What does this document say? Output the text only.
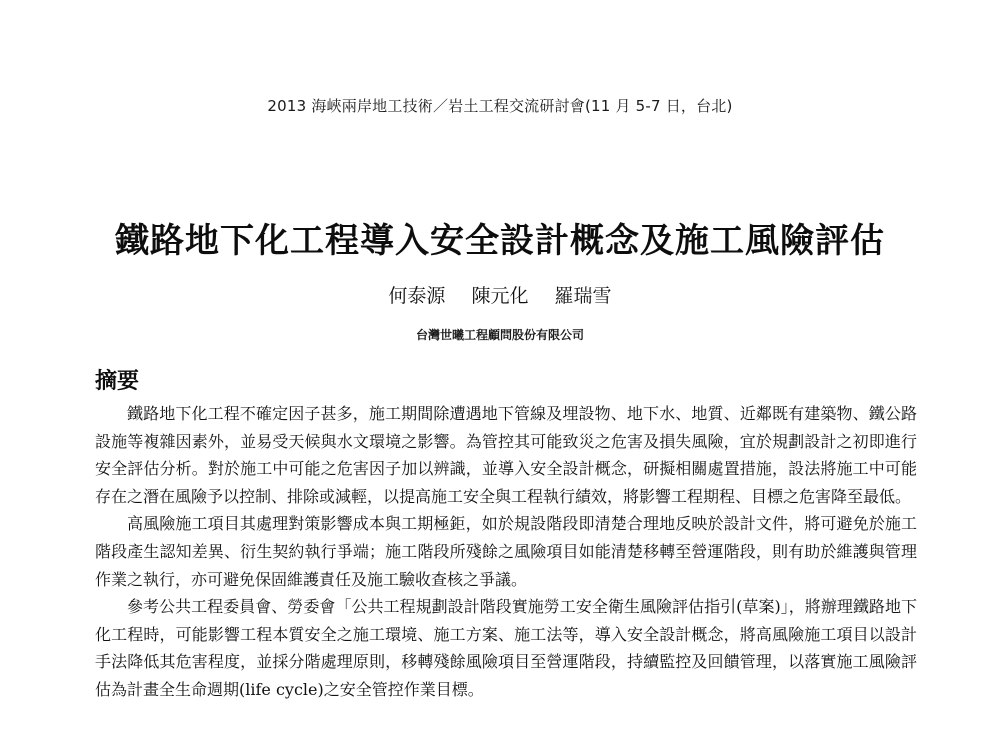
2013 海峽兩岸地工技術／岩土工程交流研討會(11 月 5-7 日，台北)
鐵路地下化工程導入安全設計概念及施工風險評估
何泰源 陳元化 羅瑞雪
台灣世曦工程顧問股份有限公司
摘要

鐵路地下化工程不確定因子甚多，施工期間除遭遇地下管線及埋設物、地下水、地質、近鄰既有建築物、鐵公路設施等複雜因素外，並易受天候與水文環境之影響。為管控其可能致災之危害及損失風險，宜於規劃設計之初即進行安全評估分析。對於施工中可能之危害因子加以辨識，並導入安全設計概念，研擬相關處置措施，設法將施工中可能存在之潛在風險予以控制、排除或減輕，以提高施工安全與工程執行績效，將影響工程期程、目標之危害降至最低。

高風險施工項目其處理對策影響成本與工期極鉅，如於規設階段即清楚合理地反映於設計文件，將可避免於施工階段產生認知差異、衍生契約執行爭端；施工階段所殘餘之風險項目如能清楚移轉至營運階段，則有助於維護與管理作業之執行，亦可避免保固維護責任及施工驗收查核之爭議。

參考公共工程委員會、勞委會「公共工程規劃設計階段實施勞工安全衛生風險評估指引(草案)」，將辦理鐵路地下化工程時，可能影響工程本質安全之施工環境、施工方案、施工法等，導入安全設計概念，將高風險施工項目以設計手法降低其危害程度，並採分階處理原則，移轉殘餘風險項目至營運階段，持續監控及回饋管理，以落實施工風險評估為計畫全生命週期(life cycle)之安全管控作業目標。
